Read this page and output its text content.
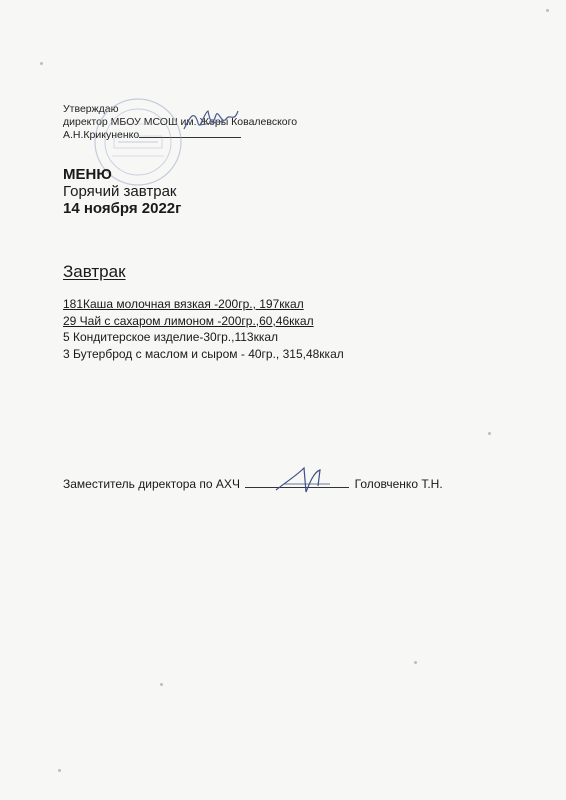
Утверждаю
директор МБОУ МСОШ им. Жоры Ковалевского
А.Н.Крикуненко
МЕНЮ
Горячий завтрак
14 ноября 2022г
Завтрак
181Каша молочная вязкая -200гр., 197ккал
29 Чай с сахаром лимоном -200гр.,60,46ккал
5 Кондитерское изделие-30гр.,113ккал
3 Бутерброд с маслом и сыром - 40гр., 315,48ккал
Заместитель директора по АХЧ	Головченко Т.Н.
